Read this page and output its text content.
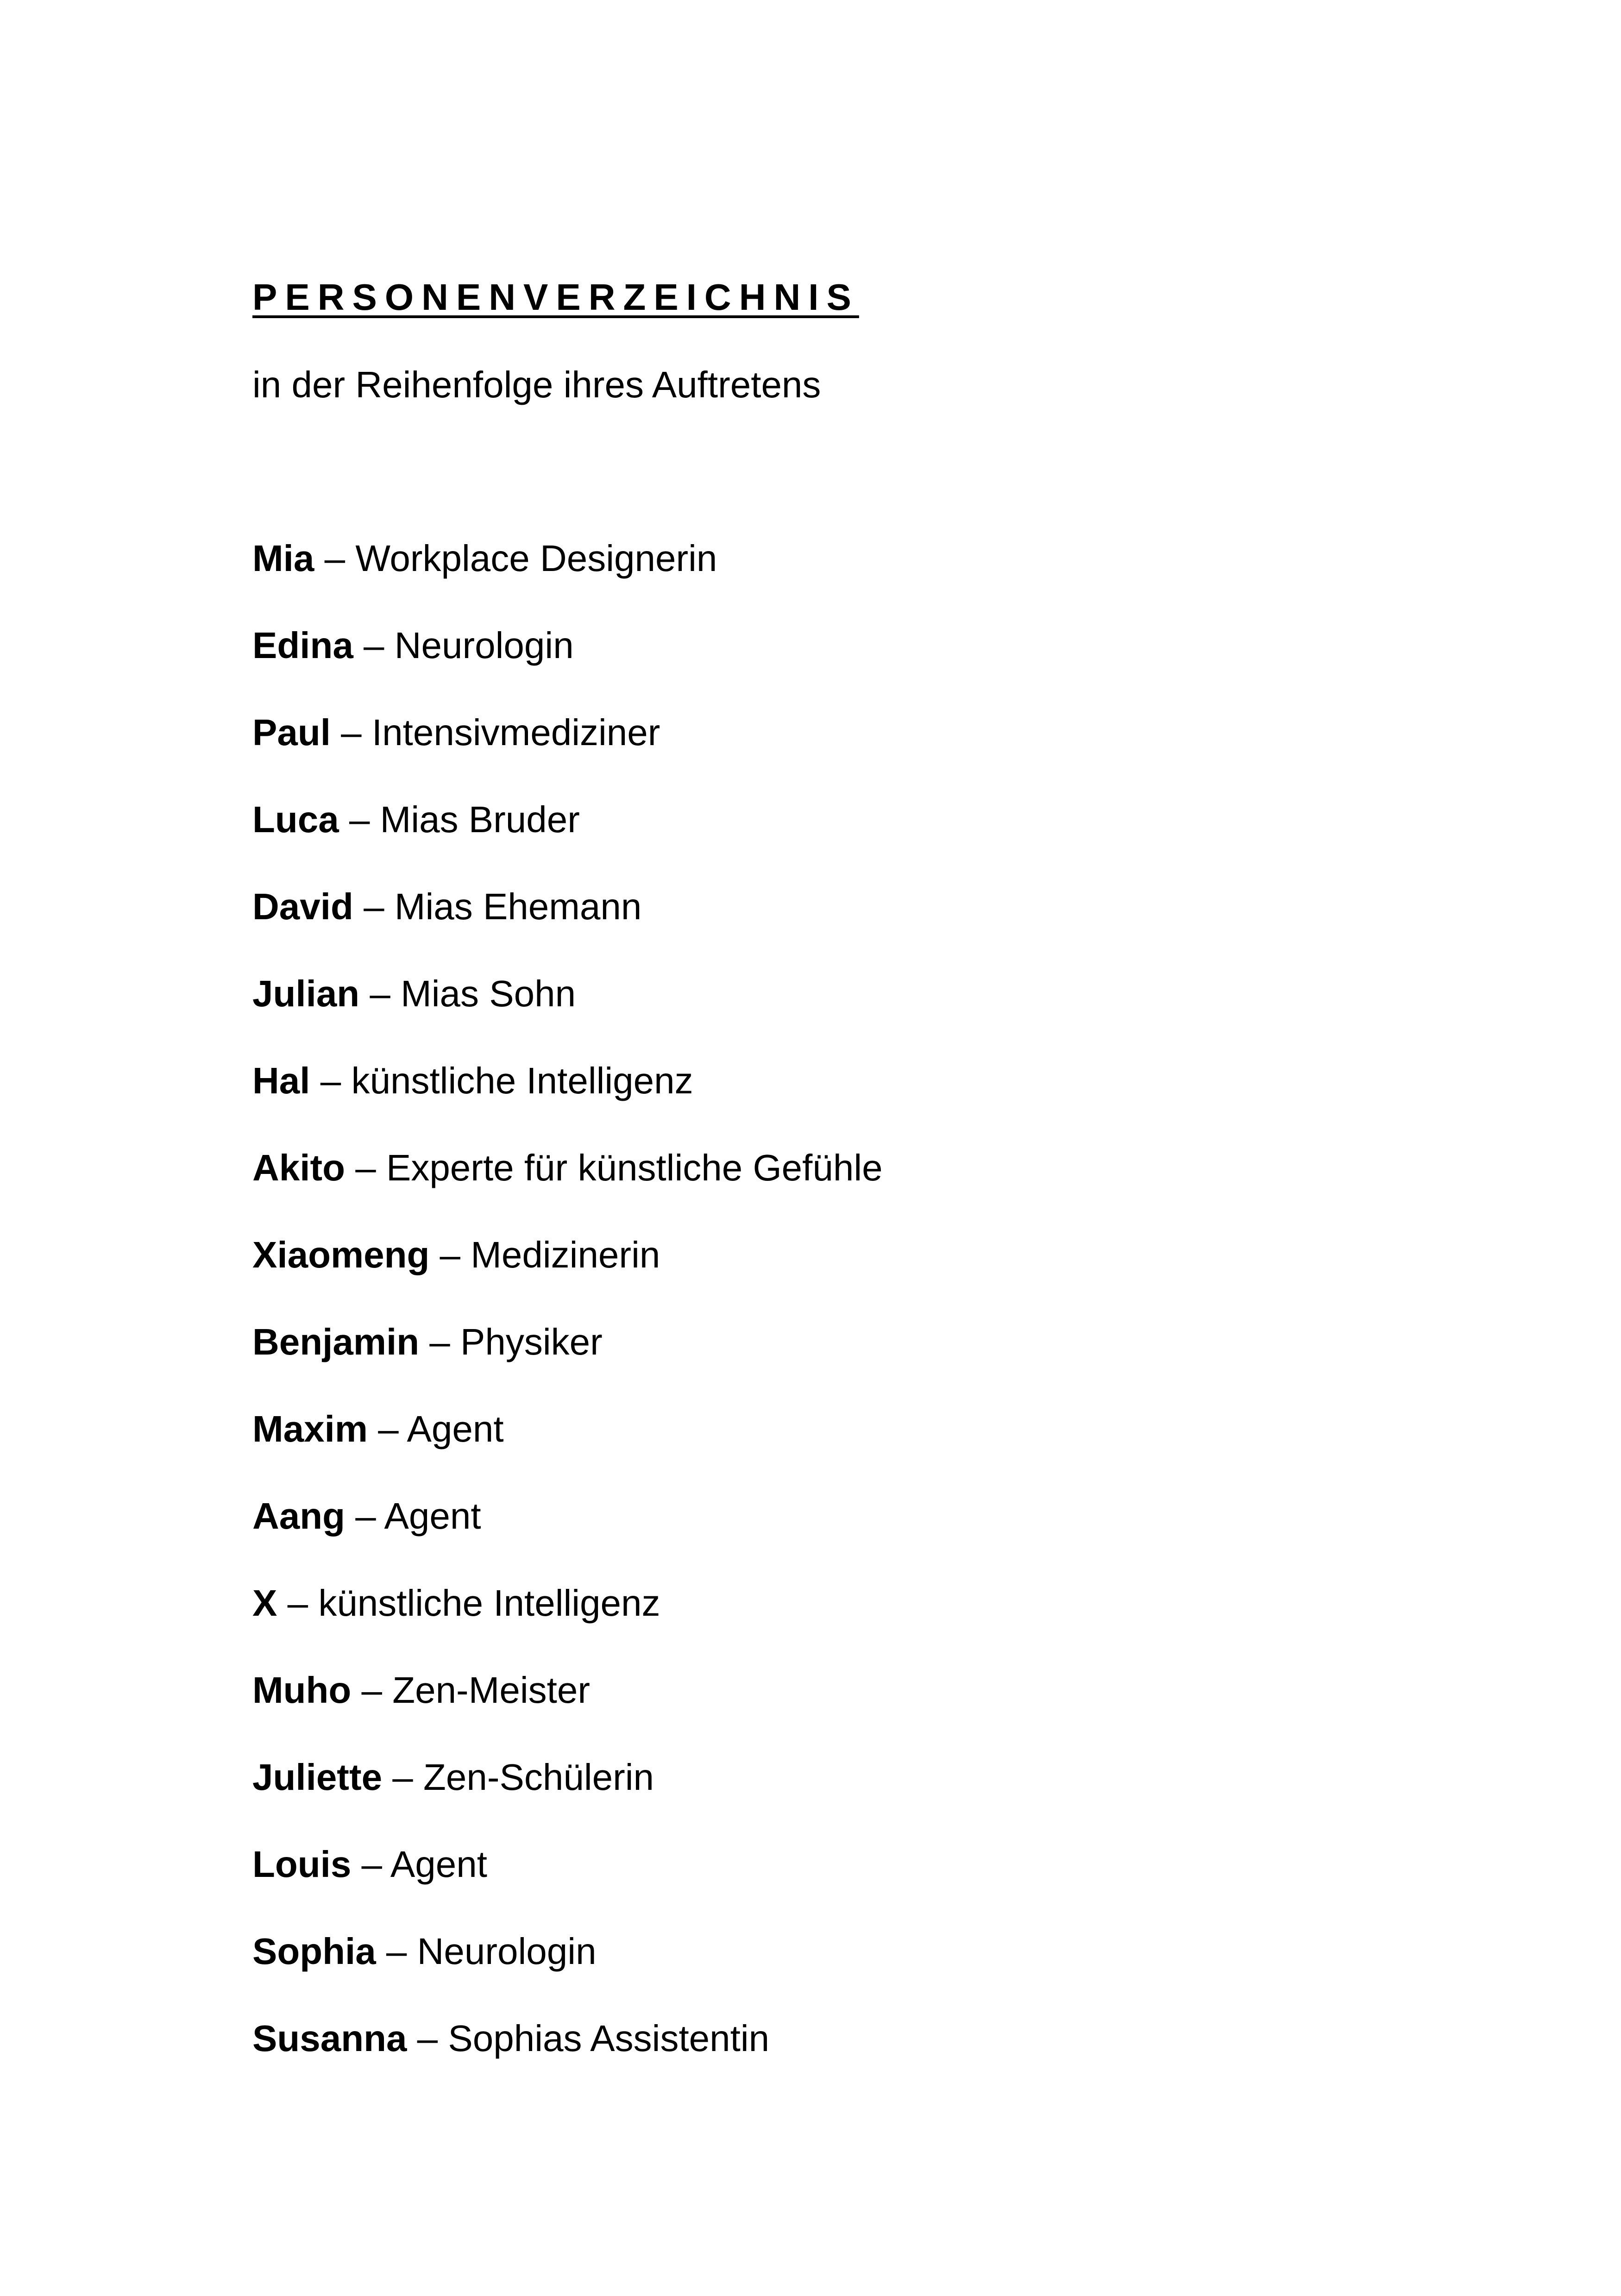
PERSONENVERZEICHNIS

in der Reihenfolge ihres Auftretens

Mia – Workplace Designerin
Edina – Neurologin
Paul – Intensivmediziner
Luca – Mias Bruder
David – Mias Ehemann
Julian – Mias Sohn
Hal – künstliche Intelligenz
Akito – Experte für künstliche Gefühle
Xiaomeng – Medizinerin
Benjamin – Physiker
Maxim – Agent
Aang – Agent
X – künstliche Intelligenz
Muho – Zen-Meister
Juliette – Zen-Schülerin
Louis – Agent
Sophia – Neurologin
Susanna – Sophias Assistentin
